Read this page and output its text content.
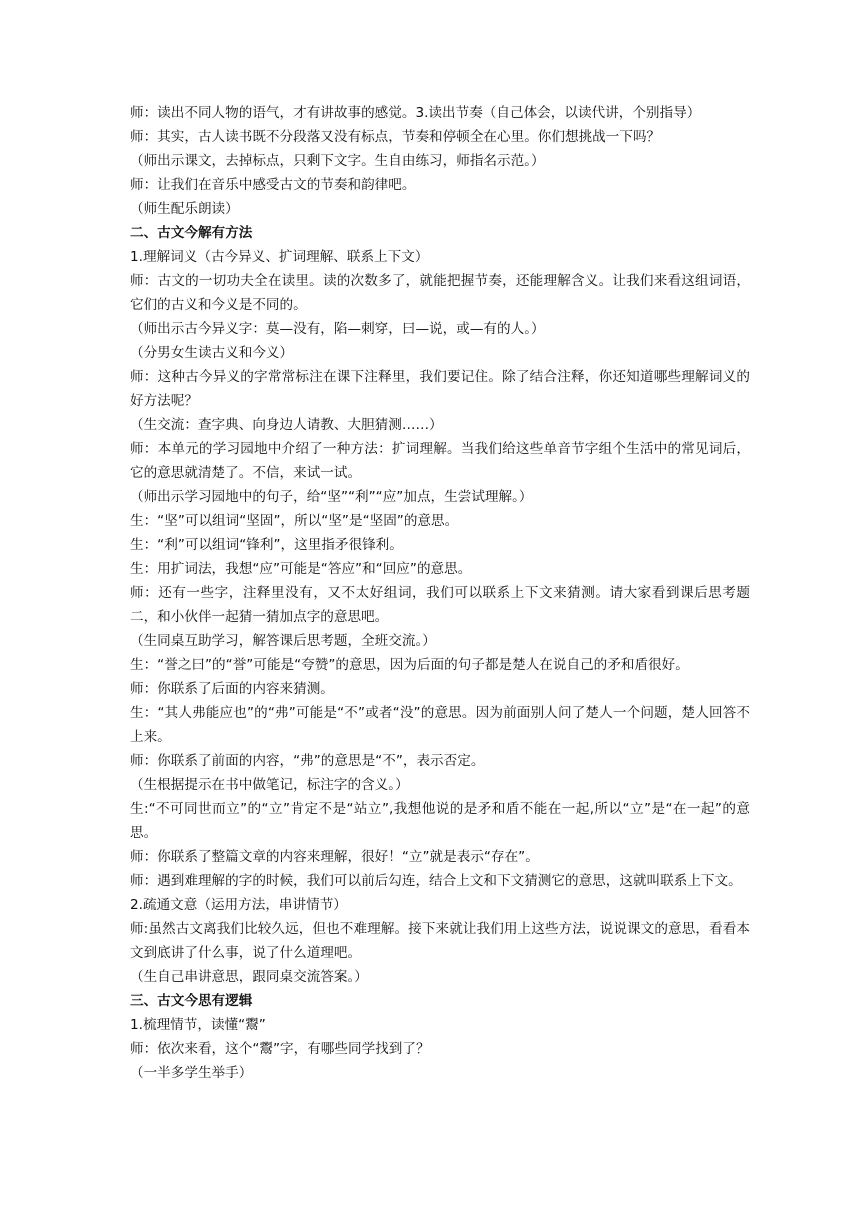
师：读出不同人物的语气，才有讲故事的感觉。3.读出节奏（自己体会，以读代讲，个别指导）

师：其实，古人读书既不分段落又没有标点，节奏和停顿全在心里。你们想挑战一下吗？

（师出示课文，去掉标点，只剩下文字。生自由练习，师指名示范。）

师：让我们在音乐中感受古文的节奏和韵律吧。

（师生配乐朗读）

二、古文今解有方法

1.理解词义（古今异义、扩词理解、联系上下文）

师：古文的一切功夫全在读里。读的次数多了，就能把握节奏，还能理解含义。让我们来看这组词语，它们的古义和今义是不同的。

（师出示古今异义字：莫—没有，陷—刺穿，曰—说，或—有的人。）

（分男女生读古义和今义）

师：这种古今异义的字常常标注在课下注释里，我们要记住。除了结合注释，你还知道哪些理解词义的好方法呢？

（生交流：查字典、向身边人请教、大胆猜测……）

师：本单元的学习园地中介绍了一种方法：扩词理解。当我们给这些单音节字组个生活中的常见词后，它的意思就清楚了。不信，来试一试。

（师出示学习园地中的句子，给“坚”“利”“应”加点，生尝试理解。）

生：“坚”可以组词“坚固”，所以“坚”是“坚固”的意思。

生：“利”可以组词“锋利”，这里指矛很锋利。

生：用扩词法，我想“应”可能是“答应”和“回应”的意思。

师：还有一些字，注释里没有，又不太好组词，我们可以联系上下文来猜测。请大家看到课后思考题二，和小伙伴一起猜一猜加点字的意思吧。

（生同桌互助学习，解答课后思考题，全班交流。）

生：“誉之曰”的“誉”可能是“夸赞”的意思，因为后面的句子都是楚人在说自己的矛和盾很好。

师：你联系了后面的内容来猜测。

生：“其人弗能应也”的“弗”可能是“不”或者“没”的意思。因为前面别人问了楚人一个问题，楚人回答不上来。

师：你联系了前面的内容，“弗”的意思是“不”，表示否定。

（生根据提示在书中做笔记，标注字的含义。）

生:“不可同世而立”的“立”肯定不是“站立”,我想他说的是矛和盾不能在一起,所以“立”是“在一起”的意思。

师：你联系了整篇文章的内容来理解，很好！“立”就是表示“存在”。

师：遇到难理解的字的时候，我们可以前后勾连，结合上文和下文猜测它的意思，这就叫联系上下文。

2.疏通文意（运用方法，串讲情节）

师:虽然古文离我们比较久远，但也不难理解。接下来就让我们用上这些方法，说说课文的意思，看看本文到底讲了什么事，说了什么道理吧。

（生自己串讲意思，跟同桌交流答案。）

三、古文今思有逻辑

1.梳理情节，读懂“鬻”

师：依次来看，这个“鬻”字，有哪些同学找到了？

（一半多学生举手）
